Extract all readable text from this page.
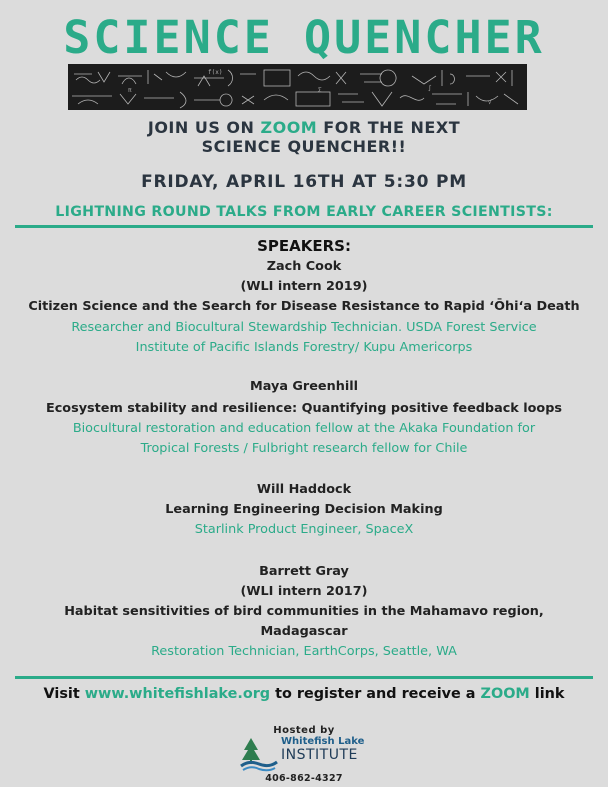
SCIENCE QUENCHER
f(x)
Σ	∫
π
√
JOIN US ON ZOOM FOR THE NEXT
SCIENCE QUENCHER!!
FRIDAY, APRIL 16TH AT 5:30 PM
LIGHTNING ROUND TALKS FROM EARLY CAREER SCIENTISTS:
SPEAKERS:
Zach Cook
(WLI intern 2019)
Citizen Science and the Search for Disease Resistance to Rapid ʻŌhiʻa Death
Researcher and Biocultural Stewardship Technician. USDA Forest Service
Institute of Pacific Islands Forestry/ Kupu Americorps
Maya Greenhill
Ecosystem stability and resilience: Quantifying positive feedback loops
Biocultural restoration and education fellow at the Akaka Foundation for
Tropical Forests / Fulbright research fellow for Chile
Will Haddock
Learning Engineering Decision Making
Starlink Product Engineer, SpaceX
Barrett Gray
(WLI intern 2017)
Habitat sensitivities of bird communities in the Mahamavo region,
Madagascar
Restoration Technician, EarthCorps, Seattle, WA
Visit www.whitefishlake.org to register and receive a ZOOM link
Hosted by
Whitefish Lake
INSTITUTE
406-862-4327
